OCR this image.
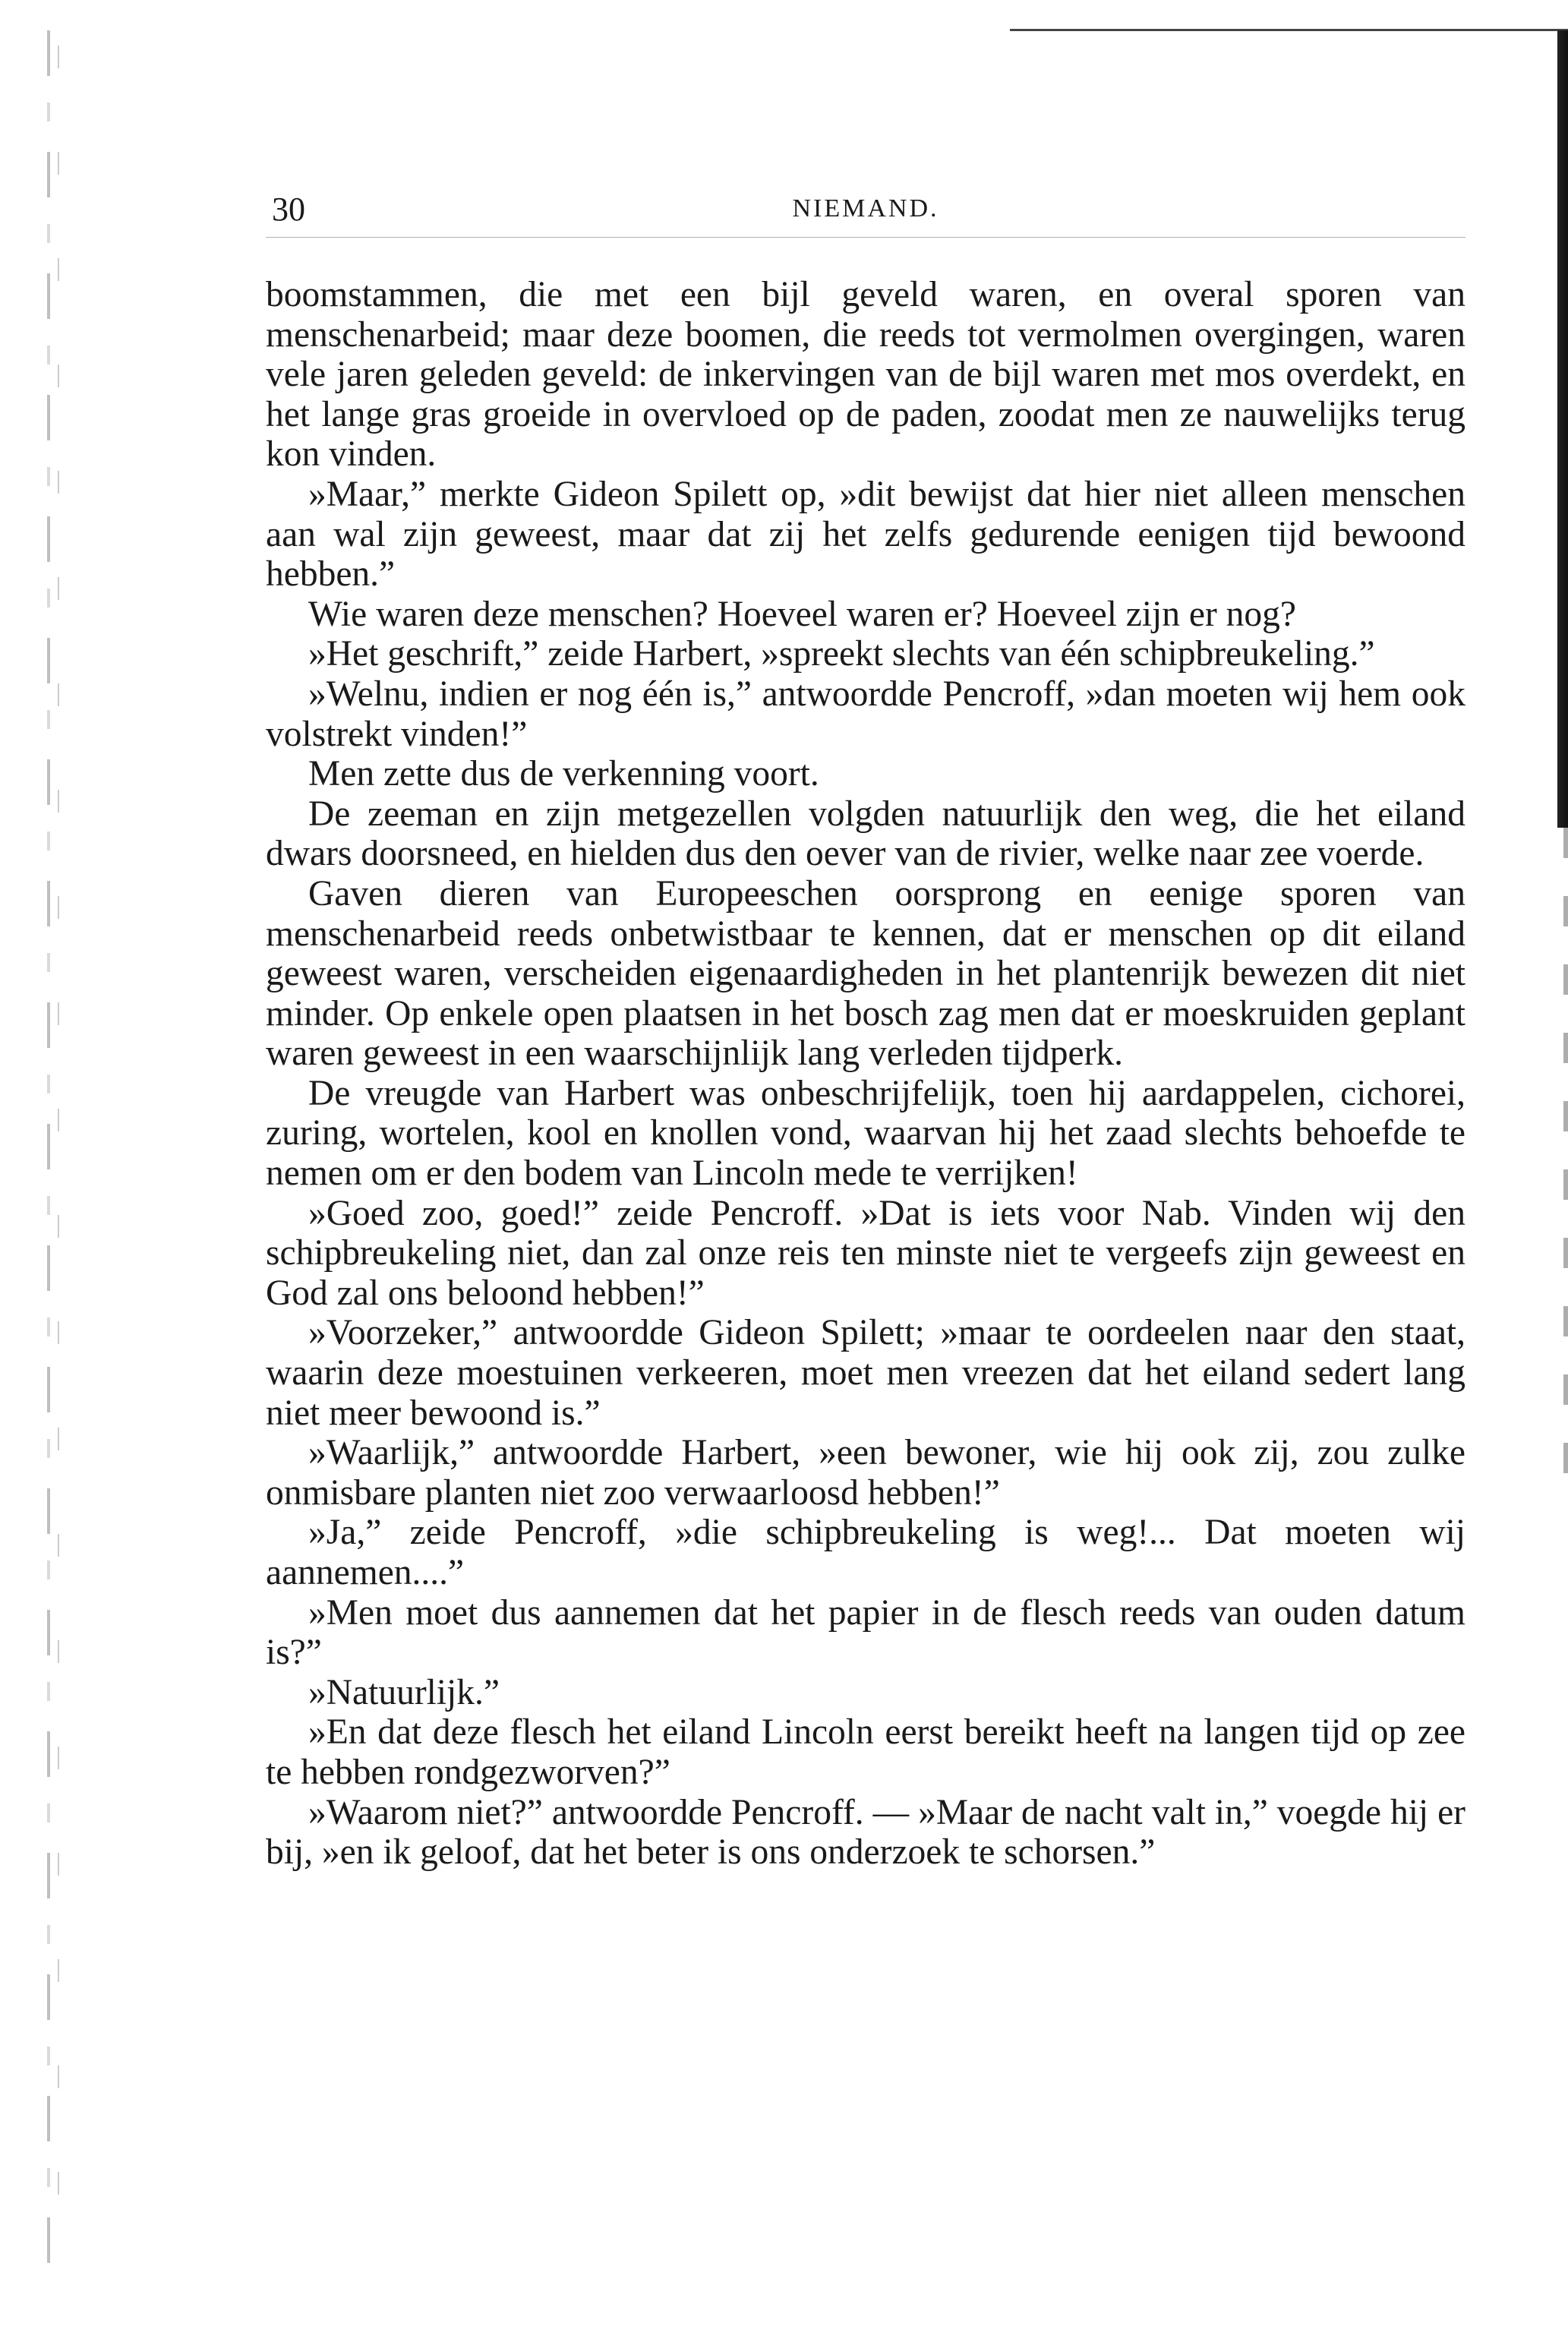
30	NIEMAND.

boomstammen, die met een bijl geveld waren, en overal sporen van menschenarbeid; maar deze boomen, die reeds tot vermolmen overgingen, waren vele jaren geleden geveld: de inkervingen van de bijl waren met mos overdekt, en het lange gras groeide in overvloed op de paden, zoodat men ze nauwelijks terug kon vinden.

»Maar,” merkte Gideon Spilett op, »dit bewijst dat hier niet alleen menschen aan wal zijn geweest, maar dat zij het zelfs gedurende eenigen tijd bewoond hebben.”

Wie waren deze menschen? Hoeveel waren er? Hoeveel zijn er nog?

»Het geschrift,” zeide Harbert, »spreekt slechts van één schipbreukeling.”

»Welnu, indien er nog één is,” antwoordde Pencroff, »dan moeten wij hem ook volstrekt vinden!”

Men zette dus de verkenning voort.

De zeeman en zijn metgezellen volgden natuurlijk den weg, die het eiland dwars doorsneed, en hielden dus den oever van de rivier, welke naar zee voerde.

Gaven dieren van Europeeschen oorsprong en eenige sporen van menschenarbeid reeds onbetwistbaar te kennen, dat er menschen op dit eiland geweest waren, verscheiden eigenaardigheden in het plantenrijk bewezen dit niet minder. Op enkele open plaatsen in het bosch zag men dat er moeskruiden geplant waren geweest in een waarschijnlijk lang verleden tijdperk.

De vreugde van Harbert was onbeschrijfelijk, toen hij aardappelen, cichorei, zuring, wortelen, kool en knollen vond, waarvan hij het zaad slechts behoefde te nemen om er den bodem van Lincoln mede te verrijken!

»Goed zoo, goed!” zeide Pencroff. »Dat is iets voor Nab. Vinden wij den schipbreukeling niet, dan zal onze reis ten minste niet te vergeefs zijn geweest en God zal ons beloond hebben!”

»Voorzeker,” antwoordde Gideon Spilett; »maar te oordeelen naar den staat, waarin deze moestuinen verkeeren, moet men vreezen dat het eiland sedert lang niet meer bewoond is.”

»Waarlijk,” antwoordde Harbert, »een bewoner, wie hij ook zij, zou zulke onmisbare planten niet zoo verwaarloosd hebben!”

»Ja,” zeide Pencroff, »die schipbreukeling is weg!... Dat moeten wij aannemen....”

»Men moet dus aannemen dat het papier in de flesch reeds van ouden datum is?”

»Natuurlijk.”

»En dat deze flesch het eiland Lincoln eerst bereikt heeft na langen tijd op zee te hebben rondgezworven?”

»Waarom niet?” antwoordde Pencroff. — »Maar de nacht valt in,” voegde hij er bij, »en ik geloof, dat het beter is ons onderzoek te schorsen.”
